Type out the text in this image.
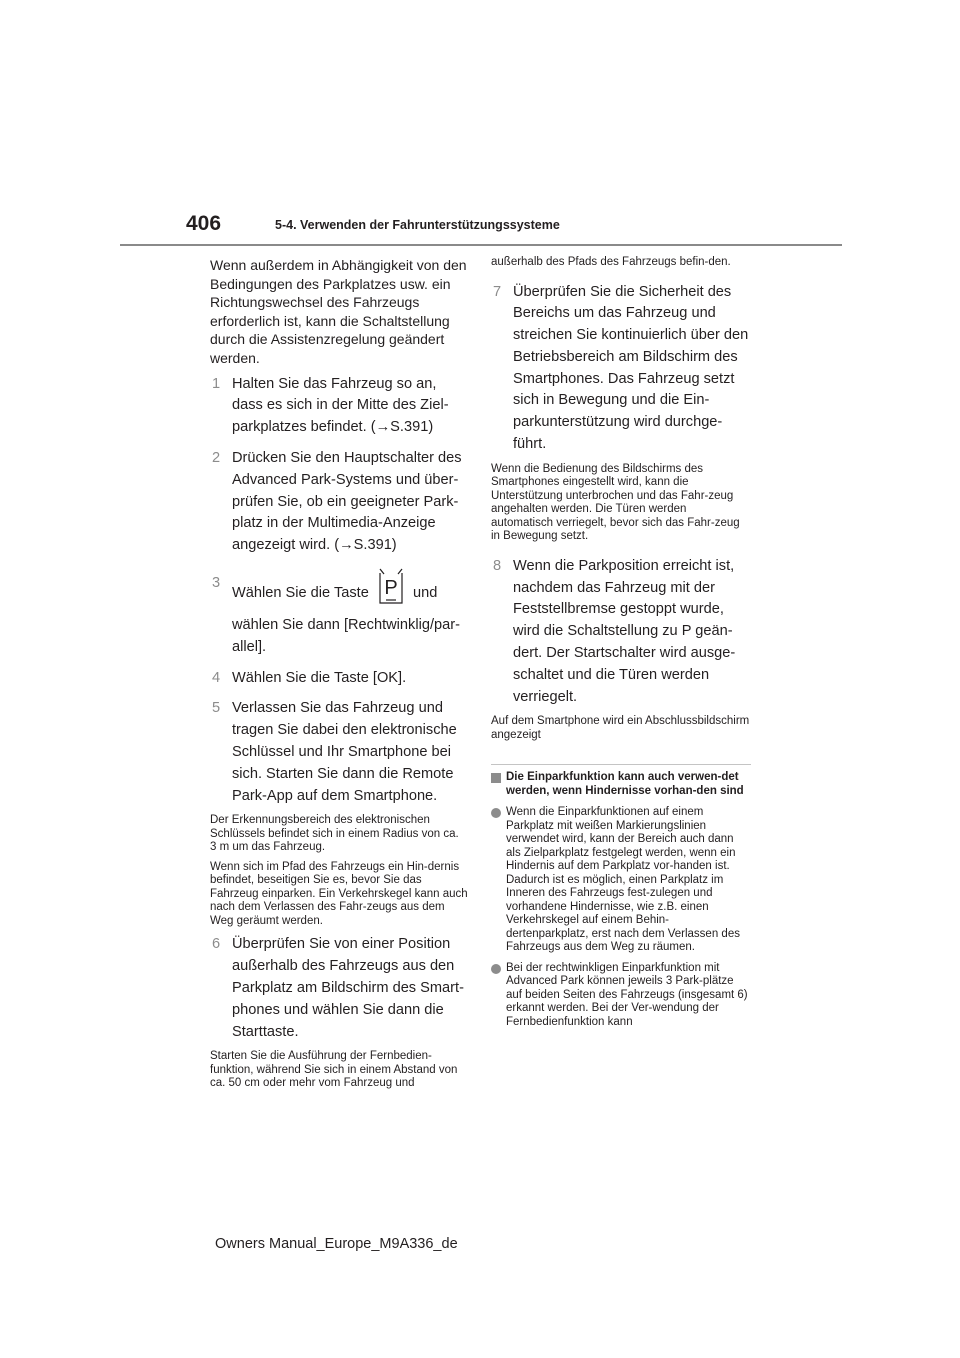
406	5-4. Verwenden der Fahrunterstützungssysteme

Wenn außerdem in Abhängigkeit von den Bedingungen des Parkplatzes usw. ein Richtungswechsel des Fahrzeugs erforderlich ist, kann die Schaltstellung durch die Assistenzregelung geändert werden.

1 Halten Sie das Fahrzeug so an, dass es sich in der Mitte des Ziel-parkplatzes befindet. (→S.391)
2 Drücken Sie den Hauptschalter des Advanced Park-Systems und über-prüfen Sie, ob ein geeigneter Park-platz in der Multimedia-Anzeige angezeigt wird. (→S.391)
3
Wählen Sie die Taste P und
wählen Sie dann [Rechtwinklig/par-allel].
4 Wählen Sie die Taste [OK].
5 Verlassen Sie das Fahrzeug und tragen Sie dabei den elektronische Schlüssel und Ihr Smartphone bei sich. Starten Sie dann die Remote Park-App auf dem Smartphone.

Der Erkennungsbereich des elektronischen Schlüssels befindet sich in einem Radius von ca. 3 m um das Fahrzeug.

Wenn sich im Pfad des Fahrzeugs ein Hin-dernis befindet, beseitigen Sie es, bevor Sie das Fahrzeug einparken. Ein Verkehrskegel kann auch nach dem Verlassen des Fahr-zeugs aus dem Weg geräumt werden.

6 Überprüfen Sie von einer Position außerhalb des Fahrzeugs aus den Parkplatz am Bildschirm des Smart-phones und wählen Sie dann die Starttaste.

Starten Sie die Ausführung der Fernbedien-funktion, während Sie sich in einem Abstand von ca. 50 cm oder mehr vom Fahrzeug und

außerhalb des Pfads des Fahrzeugs befin-den.

7 Überprüfen Sie die Sicherheit des Bereichs um das Fahrzeug und streichen Sie kontinuierlich über den Betriebsbereich am Bildschirm des Smartphones. Das Fahrzeug setzt sich in Bewegung und die Ein-parkunterstützung wird durchge-führt.

Wenn die Bedienung des Bildschirms des Smartphones eingestellt wird, kann die Unterstützung unterbrochen und das Fahr-zeug angehalten werden. Die Türen werden automatisch verriegelt, bevor sich das Fahr-zeug in Bewegung setzt.

8 Wenn die Parkposition erreicht ist, nachdem das Fahrzeug mit der Feststellbremse gestoppt wurde, wird die Schaltstellung zu P geän-dert. Der Startschalter wird ausge-schaltet und die Türen werden verriegelt.

Auf dem Smartphone wird ein Abschlussbildschirm angezeigt

Die Einparkfunktion kann auch verwen-det werden, wenn Hindernisse vorhan-den sind
Wenn die Einparkfunktionen auf einem Parkplatz mit weißen Markierungslinien verwendet wird, kann der Bereich auch dann als Zielparkplatz festgelegt werden, wenn ein Hindernis auf dem Parkplatz vor-handen ist. Dadurch ist es möglich, einen Parkplatz im Inneren des Fahrzeugs fest-zulegen und vorhandene Hindernisse, wie z.B. einen Verkehrskegel auf einem Behin-dertenparkplatz, erst nach dem Verlassen des Fahrzeugs aus dem Weg zu räumen.
Bei der rechtwinkligen Einparkfunktion mit Advanced Park können jeweils 3 Park-plätze auf beiden Seiten des Fahrzeugs (insgesamt 6) erkannt werden. Bei der Ver-wendung der Fernbedienfunktion kann
Owners Manual_Europe_M9A336_de
